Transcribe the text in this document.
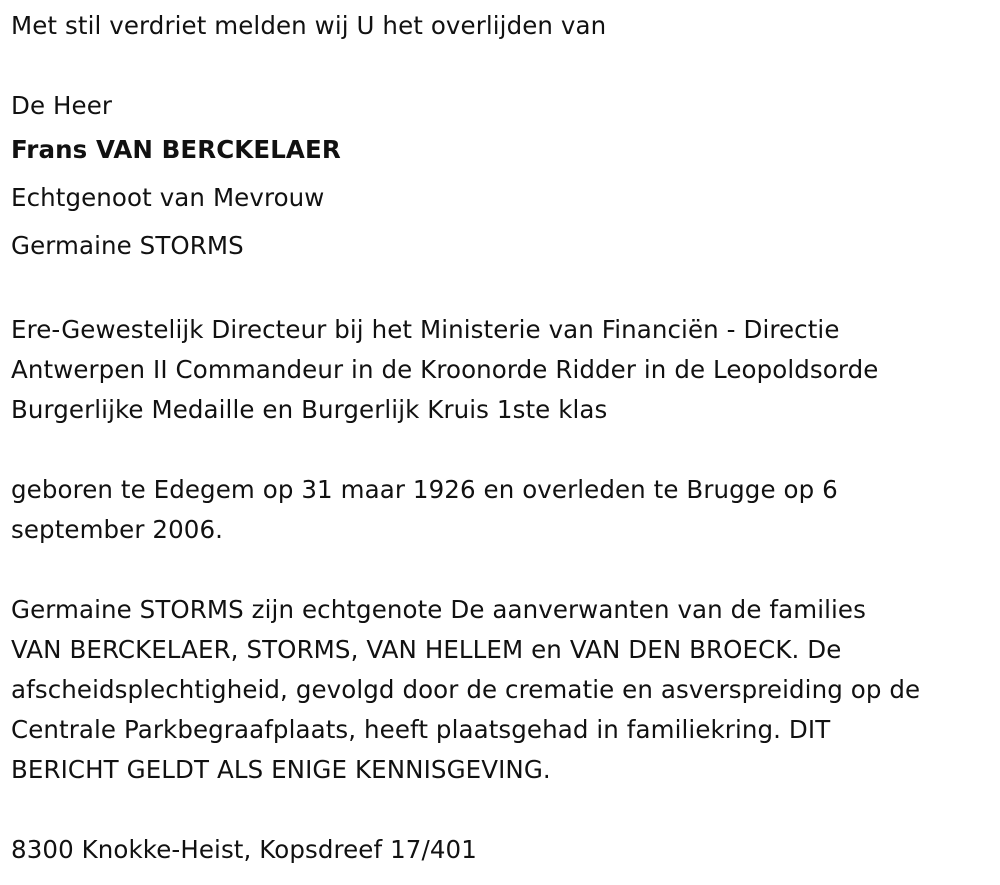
Met stil verdriet melden wij U het overlijden van
De Heer
Frans VAN BERCKELAER
Echtgenoot van Mevrouw
Germaine STORMS
Ere-Gewestelijk Directeur bij het Ministerie van Financiën - Directie
Antwerpen II Commandeur in de Kroonorde Ridder in de Leopoldsorde
Burgerlijke Medaille en Burgerlijk Kruis 1ste klas
geboren te Edegem op 31 maar 1926 en overleden te Brugge op 6
september 2006.
Germaine STORMS zijn echtgenote De aanverwanten van de families
VAN BERCKELAER, STORMS, VAN HELLEM en VAN DEN BROECK. De
afscheidsplechtigheid, gevolgd door de crematie en asverspreiding op de
Centrale Parkbegraafplaats, heeft plaatsgehad in familiekring. DIT
BERICHT GELDT ALS ENIGE KENNISGEVING.
8300 Knokke-Heist, Kopsdreef 17/401
